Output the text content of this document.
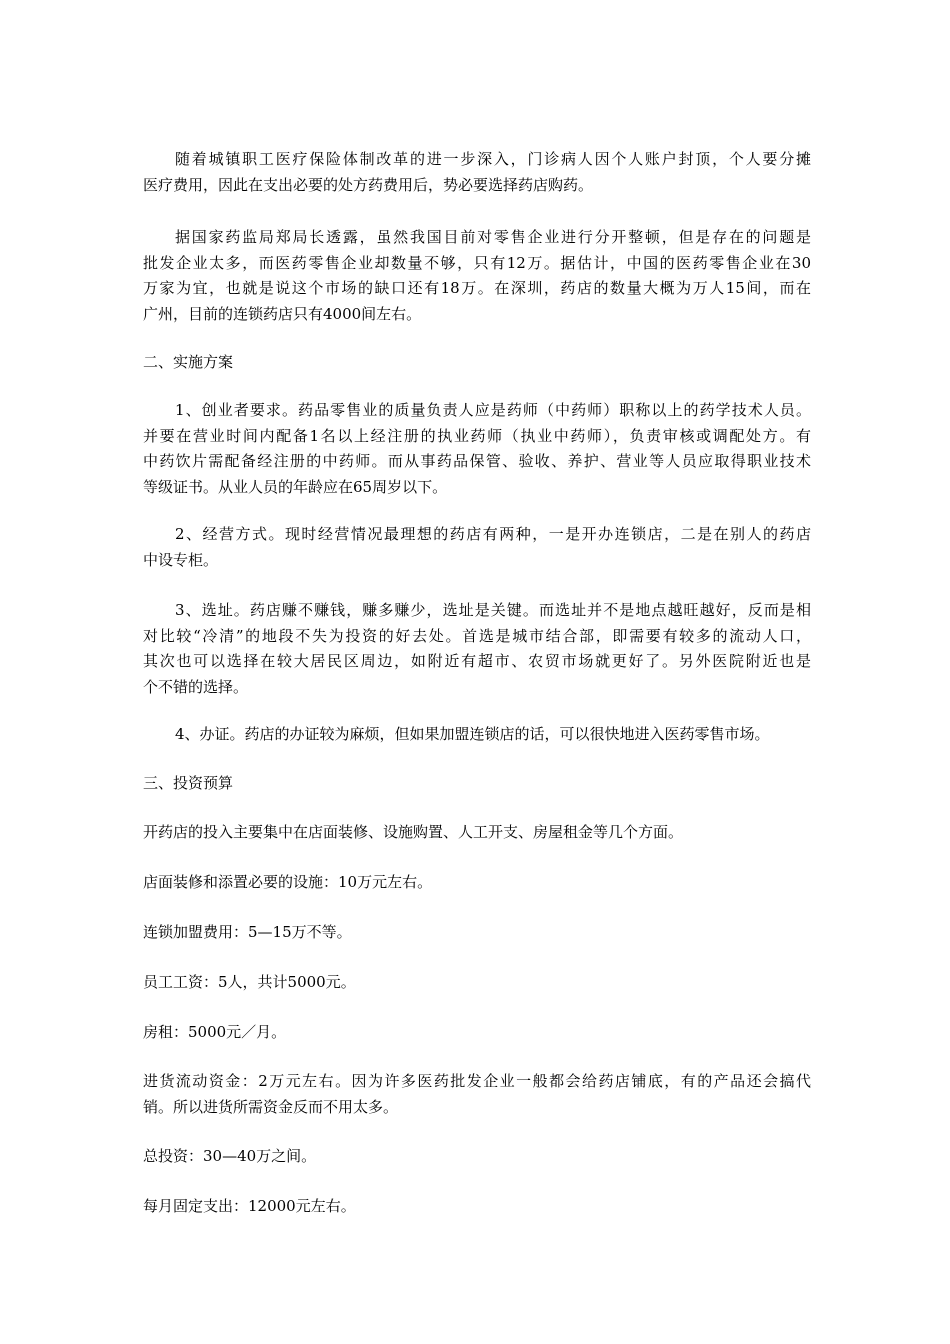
随着城镇职工医疗保险体制改革的进一步深入，门诊病人因个人账户封顶，个人要分摊
医疗费用，因此在支出必要的处方药费用后，势必要选择药店购药。
据国家药监局郑局长透露，虽然我国目前对零售企业进行分开整顿，但是存在的问题是
批发企业太多，而医药零售企业却数量不够，只有12万。据估计，中国的医药零售企业在30
万家为宜，也就是说这个市场的缺口还有18万。在深圳，药店的数量大概为万人15间，而在
广州，目前的连锁药店只有4000间左右。
二、实施方案
1、创业者要求。药品零售业的质量负责人应是药师（中药师）职称以上的药学技术人员。
并要在营业时间内配备1名以上经注册的执业药师（执业中药师），负责审核或调配处方。有
中药饮片需配备经注册的中药师。而从事药品保管、验收、养护、营业等人员应取得职业技术
等级证书。从业人员的年龄应在65周岁以下。
2、经营方式。现时经营情况最理想的药店有两种，一是开办连锁店，二是在别人的药店
中设专柜。
3、选址。药店赚不赚钱，赚多赚少，选址是关键。而选址并不是地点越旺越好，反而是相
对比较“冷清”的地段不失为投资的好去处。首选是城市结合部，即需要有较多的流动人口，
其次也可以选择在较大居民区周边，如附近有超市、农贸市场就更好了。另外医院附近也是
个不错的选择。
4、办证。药店的办证较为麻烦，但如果加盟连锁店的话，可以很快地进入医药零售市场。
三、投资预算
开药店的投入主要集中在店面装修、设施购置、人工开支、房屋租金等几个方面。
店面装修和添置必要的设施：10万元左右。
连锁加盟费用：5—15万不等。
员工工资：5人，共计5000元。
房租：5000元／月。
进货流动资金：2万元左右。因为许多医药批发企业一般都会给药店铺底，有的产品还会搞代
销。所以进货所需资金反而不用太多。
总投资：30—40万之间。
每月固定支出：12000元左右。
